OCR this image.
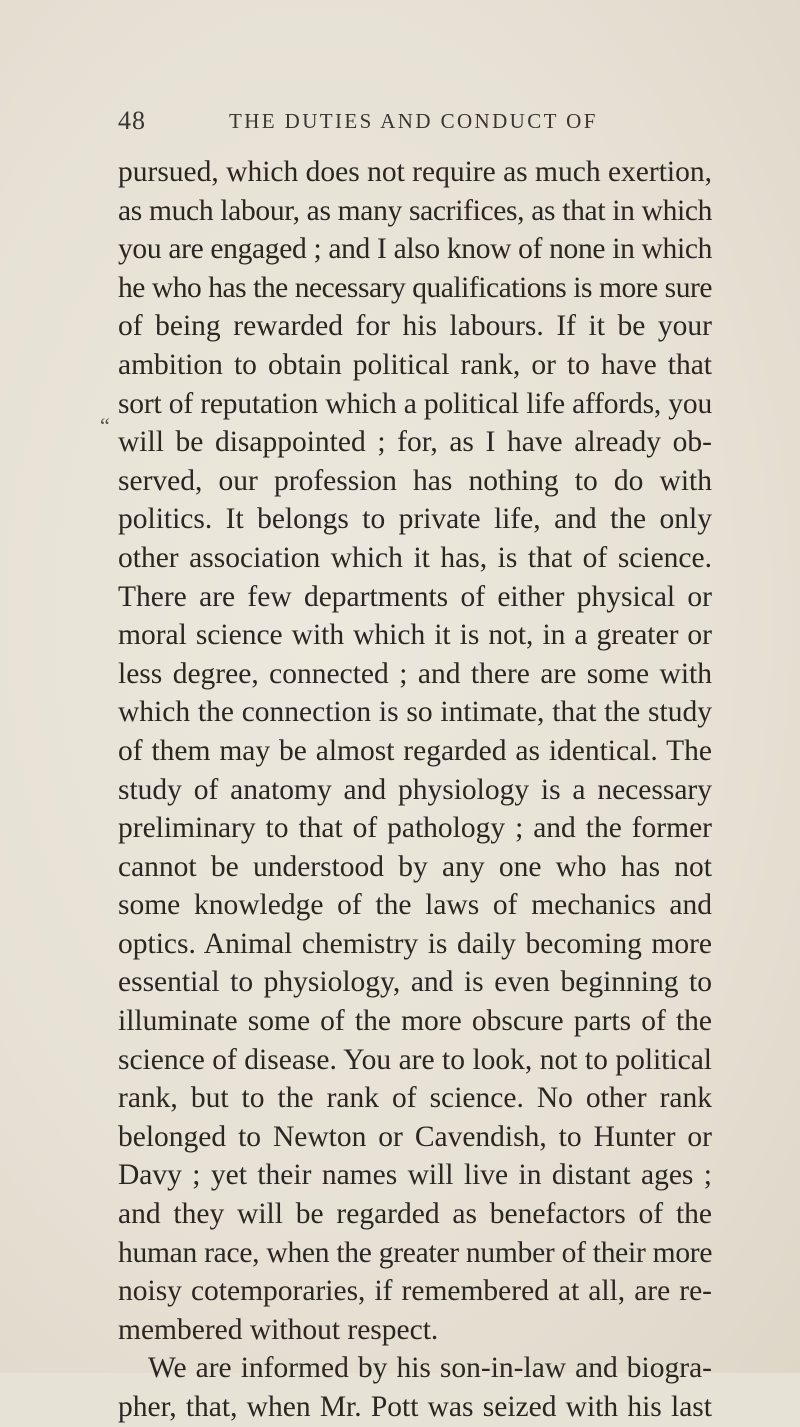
48	THE DUTIES AND CONDUCT OF
“
pursued, which does not require as much exertion,
as much labour, as many sacrifices, as that in which
you are engaged ; and I also know of none in which
he who has the necessary qualifications is more sure
of being rewarded for his labours. If it be your
ambition to obtain political rank, or to have that
sort of reputation which a political life affords, you
will be disappointed ; for, as I have already ob-
served, our profession has nothing to do with
politics. It belongs to private life, and the only
other association which it has, is that of science.
There are few departments of either physical or
moral science with which it is not, in a greater or
less degree, connected ; and there are some with
which the connection is so intimate, that the study
of them may be almost regarded as identical. The
study of anatomy and physiology is a necessary
preliminary to that of pathology ; and the former
cannot be understood by any one who has not
some knowledge of the laws of mechanics and
optics. Animal chemistry is daily becoming more
essential to physiology, and is even beginning to
illuminate some of the more obscure parts of the
science of disease. You are to look, not to political
rank, but to the rank of science. No other rank
belonged to Newton or Cavendish, to Hunter or
Davy ; yet their names will live in distant ages ;
and they will be regarded as benefactors of the
human race, when the greater number of their more
noisy cotemporaries, if remembered at all, are re-
membered without respect.
We are informed by his son-in-law and biogra-
pher, that, when Mr. Pott was seized with his last
